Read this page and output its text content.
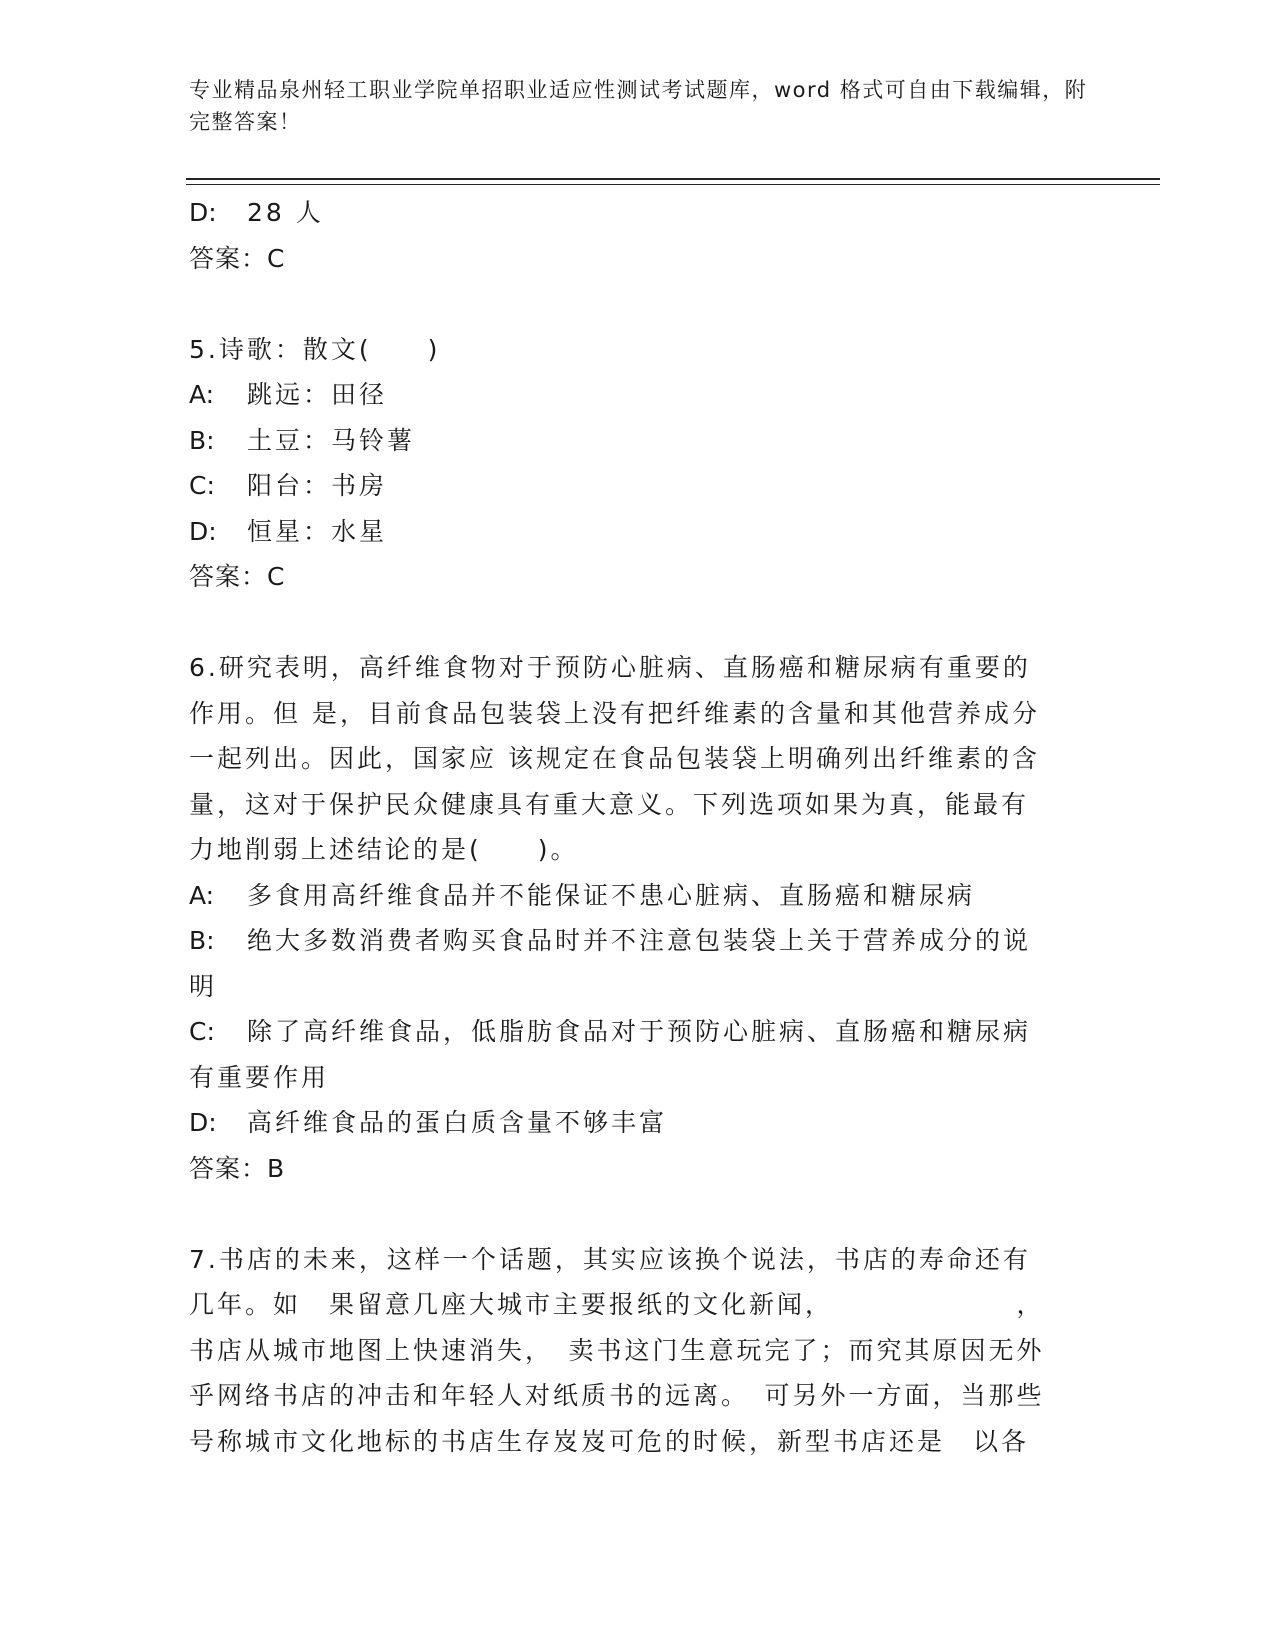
专业精品泉州轻工职业学院单招职业适应性测试考试题库，word 格式可自由下载编辑，附完整答案！
D: 28 人
答案：C
5.诗歌：散文(　　)
A: 跳远：田径
B: 土豆：马铃薯
C: 阳台：书房
D: 恒星：水星
答案：C
6.研究表明，高纤维食物对于预防心脏病、直肠癌和糖尿病有重要的
作用。但 是，目前食品包装袋上没有把纤维素的含量和其他营养成分
一起列出。因此，国家应 该规定在食品包装袋上明确列出纤维素的含
量，这对于保护民众健康具有重大意义。下列选项如果为真，能最有
力地削弱上述结论的是(　　)。
A: 多食用高纤维食品并不能保证不患心脏病、直肠癌和糖尿病
B: 绝大多数消费者购买食品时并不注意包装袋上关于营养成分的说
明
C: 除了高纤维食品，低脂肪食品对于预防心脏病、直肠癌和糖尿病
有重要作用
D: 高纤维食品的蛋白质含量不够丰富
答案：B
7.书店的未来，这样一个话题，其实应该换个说法，书店的寿命还有
几年。如　果留意几座大城市主要报纸的文化新闻，　　　　　　　，
书店从城市地图上快速消失，　卖书这门生意玩完了；而究其原因无外
乎网络书店的冲击和年轻人对纸质书的远离。　可另外一方面，当那些
号称城市文化地标的书店生存岌岌可危的时候，新型书店还是　以各
